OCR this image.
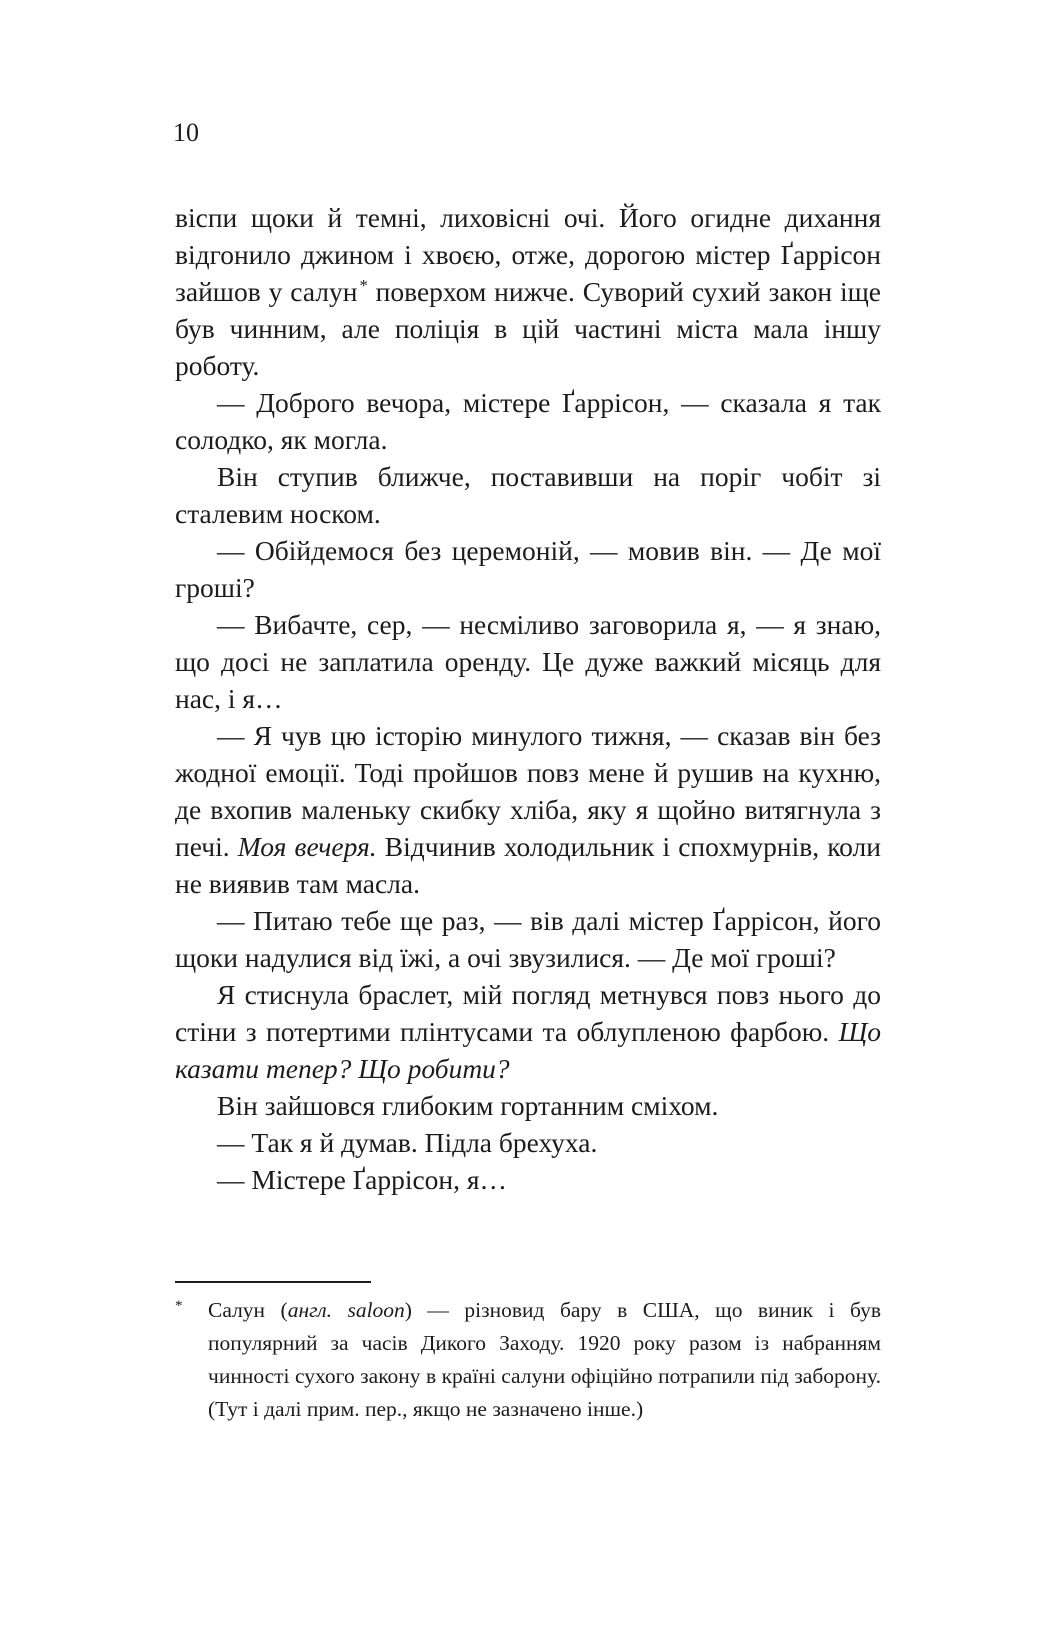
10

віспи щоки й темні, лиховісні очі. Його огидне дихання відгонило джином і хвоєю, отже, дорогою містер Ґаррісон зайшов у салун * поверхом нижче. Суворий сухий закон іще був чинним, але поліція в цій частині міста мала іншу роботу.

— Доброго вечора, містере Ґаррісон, — сказала я так солодко, як могла.

Він ступив ближче, поставивши на поріг чобіт зі сталевим носком.

— Обійдемося без церемоній, — мовив він. — Де мої гроші?

— Вибачте, сер, — несміливо заговорила я, — я знаю, що досі не заплатила оренду. Це дуже важкий місяць для нас, і я…

— Я чув цю історію минулого тижня, — сказав він без жодної емоції. Тоді пройшов повз мене й рушив на кухню, де вхопив маленьку скибку хліба, яку я щойно витягнула з печі. Моя вечеря. Відчинив холодильник і спохмурнів, коли не виявив там масла.

— Питаю тебе ще раз, — вів далі містер Ґаррісон, його щоки надулися від їжі, а очі звузилися. — Де мої гроші?

Я стиснула браслет, мій погляд метнувся повз нього до стіни з потертими плінтусами та облупленою фарбою. Що казати тепер? Що робити?

Він зайшовся глибоким гортанним сміхом.

— Так я й думав. Підла брехуха.

— Містере Ґаррісон, я…

*	Салун (англ. saloon) — різновид бару в США, що виник і був популярний за часів Дикого Заходу. 1920 року разом із набранням чинності сухого закону в країні салуни офіційно потрапили під заборону. (Тут і далі прим. пер., якщо не зазначено інше.)
